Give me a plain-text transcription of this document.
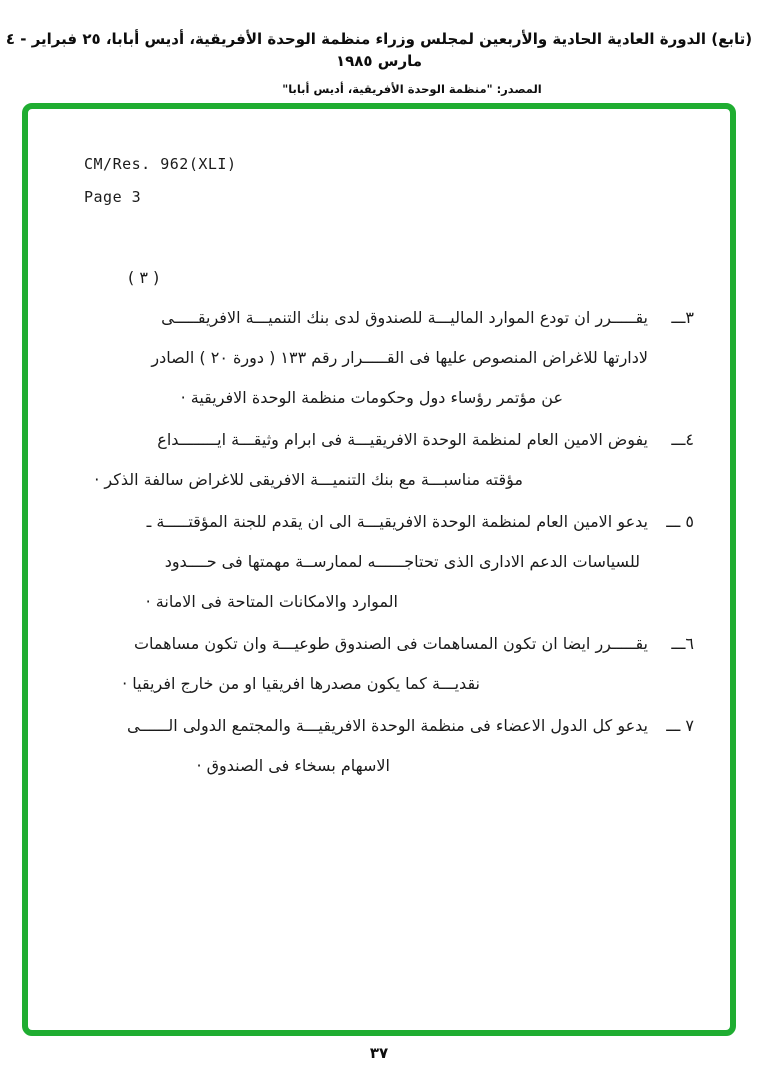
(تابع) الدورة العادية الحادية والأربعين لمجلس وزراء منظمة الوحدة الأفريقية، أديس أبابا، ٢٥ فبراير - ٤ مارس ١٩٨٥
المصدر: "منظمة الوحدة الأفريقية، أديس أبابا"
CM/Res. 962(XLI)
Page 3
( ٣ )
٣ـــ
يقـــــرر ان تودع الموارد الماليـــة للصندوق لدى بنك التنميـــة الافريقـــــى
لادارتها للاغراض المنصوص عليها فى القـــــرار رقم ١٣٣ ( دورة ٢٠ ) الصادر
عن مؤتمر رؤساء دول وحكومات منظمة الوحدة الافريقية ·
٤ـــ
يفوض الامين العام لمنظمة الوحدة الافريقيـــة فى ابرام وثيقـــة ايــــــــداع
مؤقته مناسبـــة مع بنك التنميـــة الافريقى للاغراض سالفة الذكر ·
٥ ـــ
يدعو الامين العام لمنظمة الوحدة الافريقيـــة الى ان يقدم للجنة المؤقتـــــة ـ
للسياسات الدعم الادارى الذى تحتاجــــــه لممارســة مهمتها فى حــــدود
الموارد والامكانات المتاحة فى الامانة ·
٦ـــ
يقـــــرر ايضا ان تكون المساهمات فى الصندوق طوعيـــة وان تكون مساهمات
نقديـــة كما يكون مصدرها افريقيا او من خارج افريقيا ·
٧ ـــ
يدعو كل الدول الاعضاء فى منظمة الوحدة الافريقيـــة والمجتمع الدولى الــــــى
الاسهام بسخاء فى الصندوق ·
٣٧
